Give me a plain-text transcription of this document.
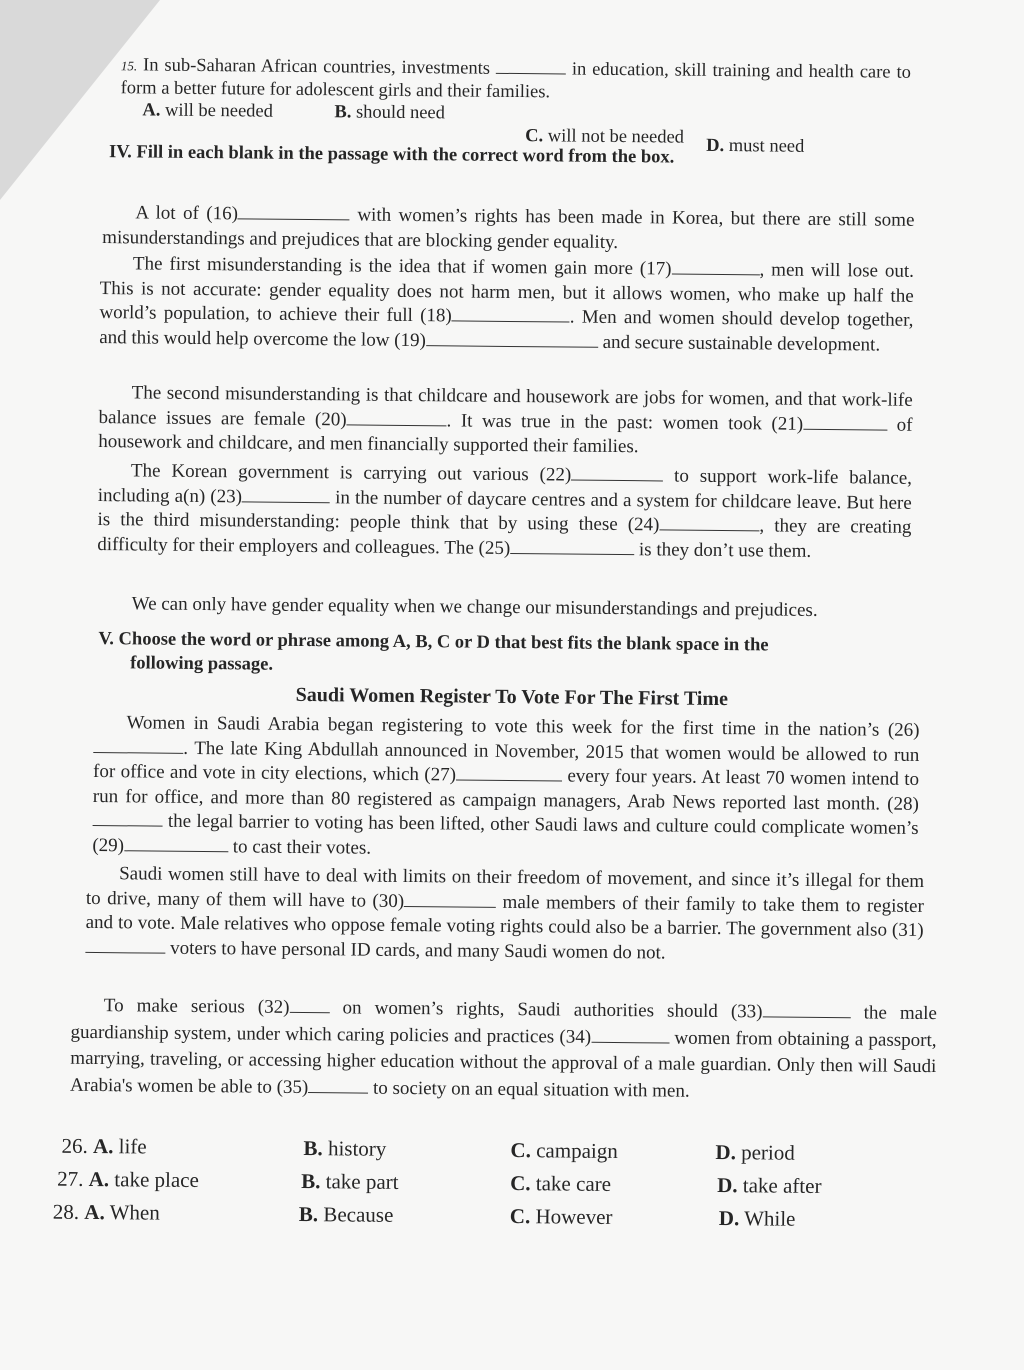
15. In sub-Saharan African countries, investments	in education, skill training and health care to form a better future for adolescent girls and their families.
A. will be needed	B. should need
C. will not be needed D. must need
IV. Fill in each blank in the passage with the correct word from the box.
A lot of (16)	with women’s rights has been made in Korea, but there are still some misunderstandings and prejudices that are blocking gender equality.
The first misunderstanding is the idea that if women gain more (17)	, men will lose out. This is not accurate: gender equality does not harm men, but it allows women, who make up half the world’s population, to achieve their full (18)	. Men and women should develop together, and this would help overcome the low (19)	and secure sustainable development.
The second misunderstanding is that childcare and housework are jobs for women, and that work-life balance issues are female (20)	. It was true in the past: women took (21)	of housework and childcare, and men financially supported their families.
The Korean government is carrying out various (22)	to support work-life balance, including a(n) (23)	in the number of daycare centres and a system for childcare leave. But here is the third misunderstanding: people think that by using these (24)	, they are creating difficulty for their employers and colleagues. The (25)	is they don’t use them.
We can only have gender equality when we change our misunderstandings and prejudices.
V. Choose the word or phrase among A, B, C or D that best fits the blank space in the
following passage.
Saudi Women Register To Vote For The First Time
Women in Saudi Arabia began registering to vote this week for the first time in the nation’s (26). The late King Abdullah announced in November, 2015 that women would be allowed to run for office and vote in city elections, which (27)	every four years. At least 70 women intend to run for office, and more than 80 registered as campaign managers, Arab News reported last month. (28) the legal barrier to voting has been lifted, other Saudi laws and culture could complicate women’s (29)	to cast their votes.
Saudi women still have to deal with limits on their freedom of movement, and since it’s illegal for them to drive, many of them will have to (30)	male members of their family to take them to register and to vote. Male relatives who oppose female voting rights could also be a barrier. The government also (31) voters to have personal ID cards, and many Saudi women do not.
To make serious (32)	on women’s rights, Saudi authorities should (33)	the male guardianship system, under which caring policies and practices (34)	women from obtaining a passport, marrying, traveling, or accessing higher education without the approval of a male guardian. Only then will Saudi Arabia's women be able to (35)	to society on an equal situation with men.
26. A. life	B. history	C. campaign	D. period
27. A. take place	B. take part	C. take care	D. take after
28. A. When	B. Because	C. However	D. While
